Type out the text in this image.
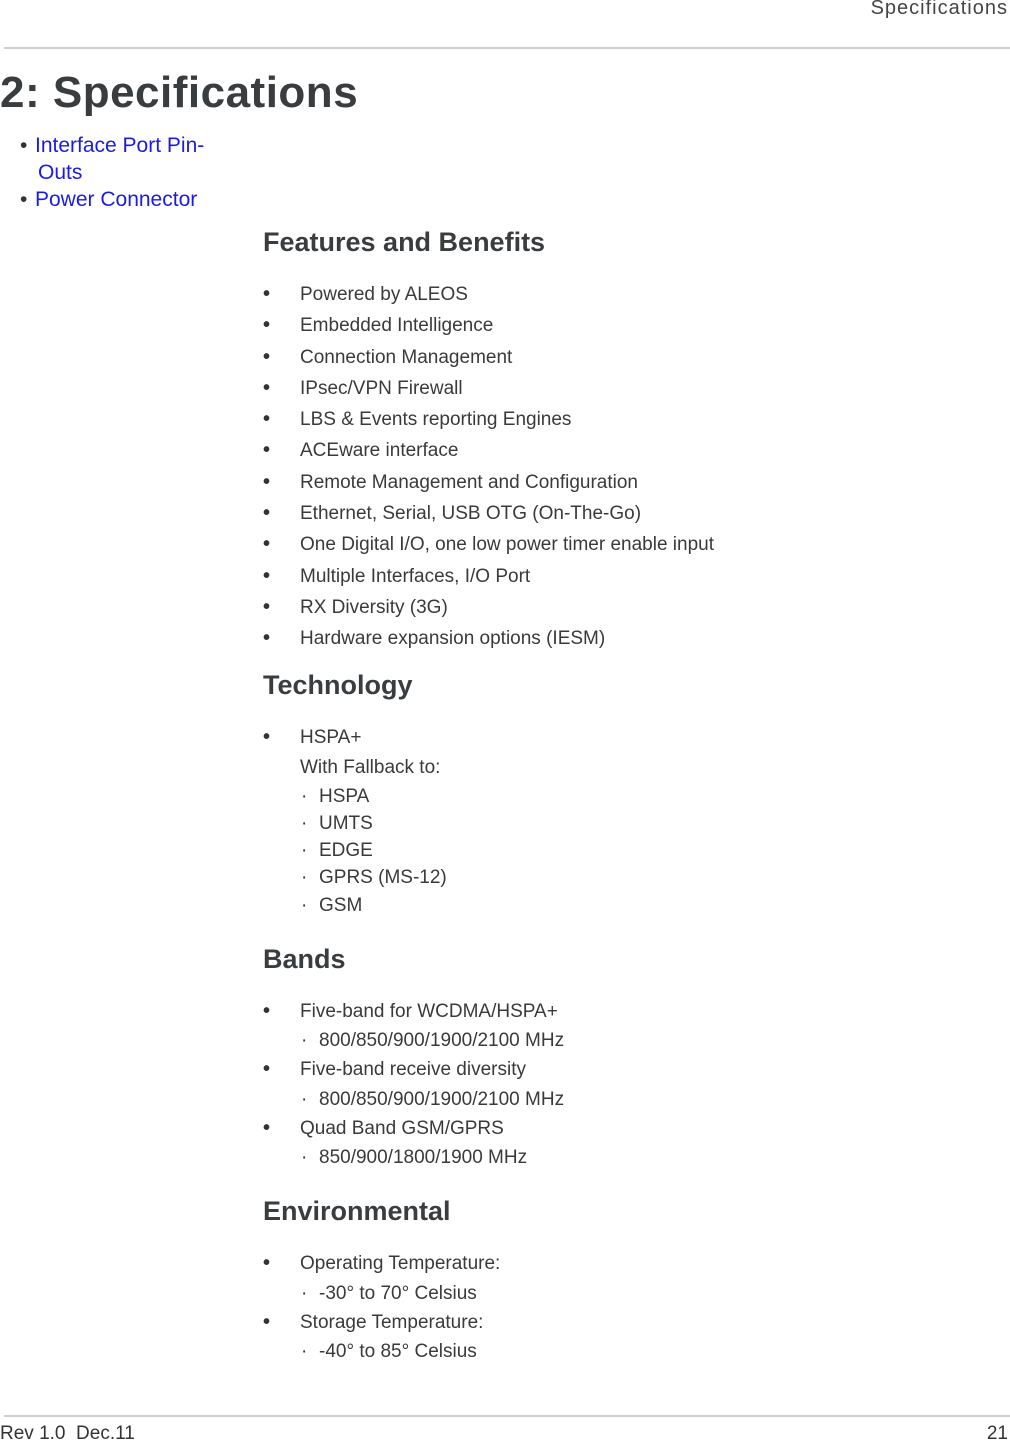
Specifications
2: Specifications
• Interface Port Pin-Outs
• Power Connector
Features and Benefits
• Powered by ALEOS
• Embedded Intelligence
• Connection Management
• IPsec/VPN Firewall
• LBS & Events reporting Engines
• ACEware interface
• Remote Management and Configuration
• Ethernet, Serial, USB OTG (On-The-Go)
• One Digital I/O, one low power timer enable input
• Multiple Interfaces, I/O Port
• RX Diversity (3G)
• Hardware expansion options (IESM)
Technology
• HSPA+
With Fallback to:
· HSPA
· UMTS
· EDGE
· GPRS (MS-12)
· GSM
Bands
• Five-band for WCDMA/HSPA+
· 800/850/900/1900/2100 MHz
• Five-band receive diversity
· 800/850/900/1900/2100 MHz
• Quad Band GSM/GPRS
· 850/900/1800/1900 MHz
Environmental
• Operating Temperature:
· -30° to 70° Celsius
• Storage Temperature:
· -40° to 85° Celsius
Rev 1.0  Dec.11	21
